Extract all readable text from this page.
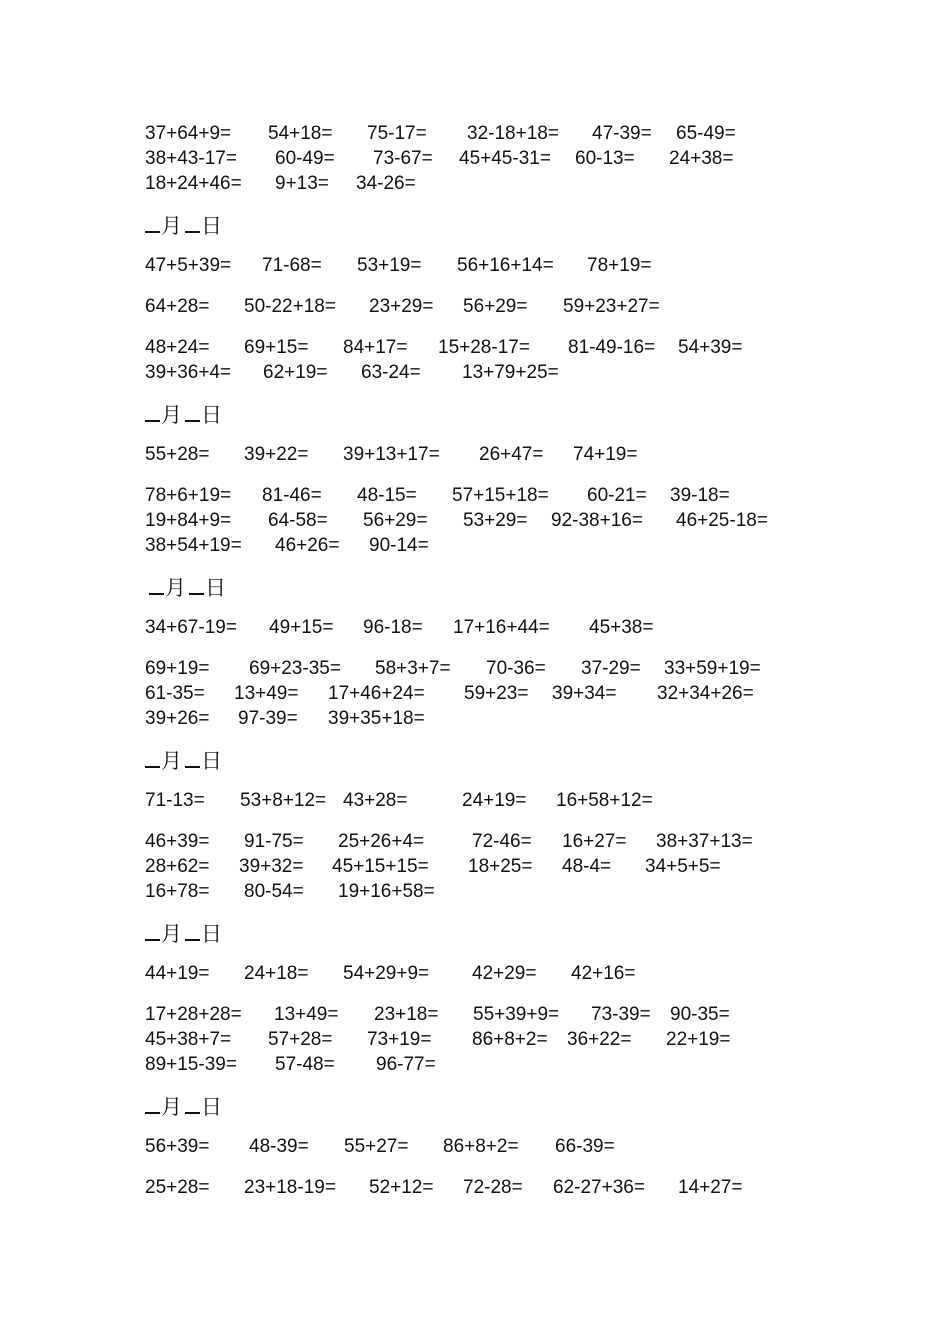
37+64+9= 54+18= 75-17= 32-18+18= 47-39= 65-49=
38+43-17= 60-49= 73-67= 45+45-31= 60-13= 24+38=
18+24+46= 9+13= 34-26=
月 日
47+5+39= 71-68= 53+19= 56+16+14= 78+19=
64+28= 50-22+18= 23+29= 56+29= 59+23+27=
48+24= 69+15= 84+17= 15+28-17= 81-49-16= 54+39=
39+36+4= 62+19= 63-24= 13+79+25=
月 日
55+28= 39+22= 39+13+17= 26+47= 74+19=
78+6+19= 81-46= 48-15= 57+15+18= 60-21= 39-18=
19+84+9= 64-58= 56+29= 53+29= 92-38+16= 46+25-18=
38+54+19= 46+26= 90-14=
月 日
34+67-19= 49+15= 96-18= 17+16+44= 45+38=
69+19= 69+23-35= 58+3+7= 70-36= 37-29= 33+59+19=
61-35= 13+49= 17+46+24= 59+23= 39+34= 32+34+26=
39+26= 97-39= 39+35+18=
月 日
71-13= 53+8+12= 43+28=	24+19= 16+58+12=
46+39= 91-75= 25+26+4=	72-46= 16+27= 38+37+13=
28+62= 39+32= 45+15+15= 18+25= 48-4= 34+5+5=
16+78= 80-54= 19+16+58=
月 日
44+19= 24+18= 54+29+9= 42+29= 42+16=
17+28+28= 13+49= 23+18= 55+39+9= 73-39= 90-35=
45+38+7= 57+28= 73+19= 86+8+2= 36+22= 22+19=
89+15-39= 57-48= 96-77=
月 日
56+39= 48-39= 55+27= 86+8+2= 66-39=
25+28= 23+18-19= 52+12= 72-28= 62-27+36= 14+27=
